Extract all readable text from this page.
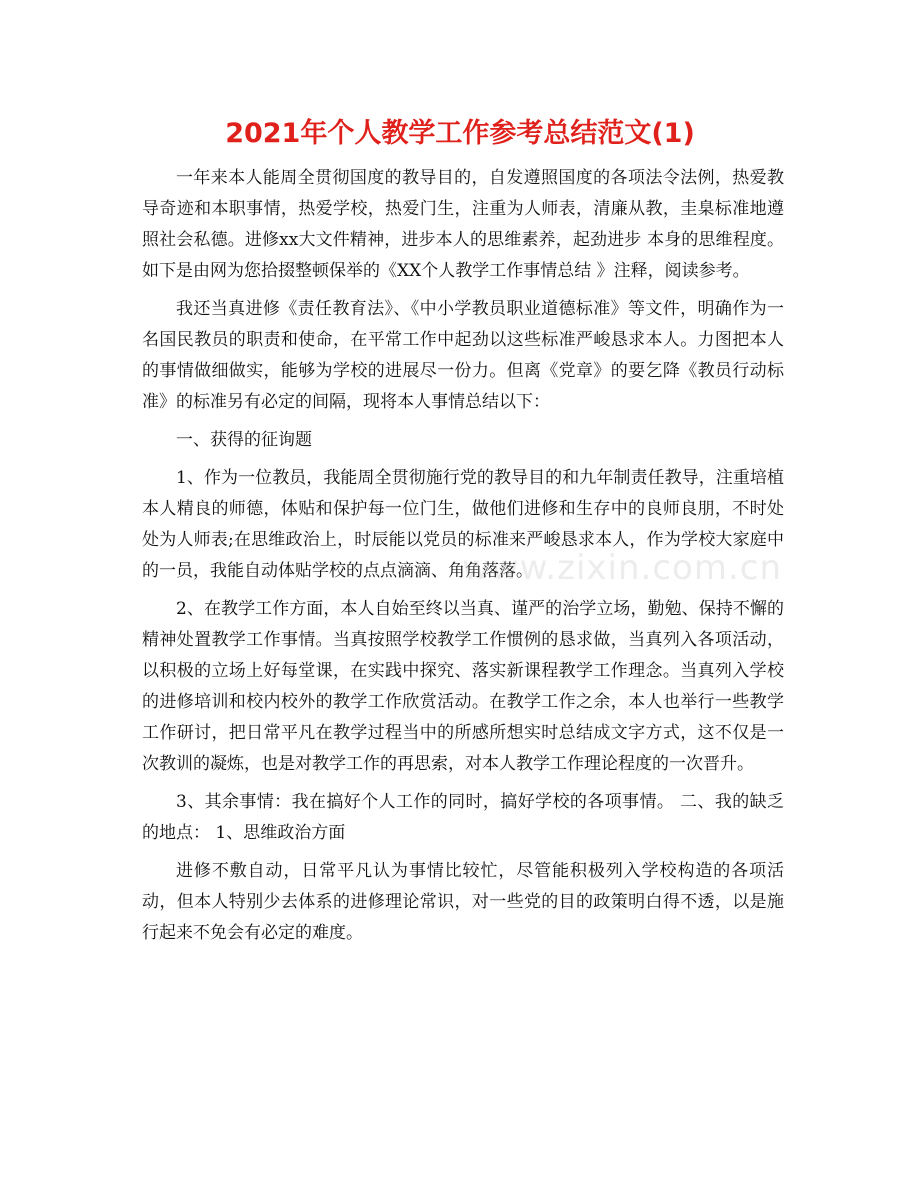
2021年个人教学工作参考总结范文(1)

一年来本人能周全贯彻国度的教导目的，自发遵照国度的各项法令法例，热爱教导奇迹和本职事情，热爱学校，热爱门生，注重为人师表，清廉从教，圭臬标准地遵照社会私德。进修xx大文件精神，进步本人的思维素养，起劲进步 本身的思维程度。如下是由网为您拾掇整顿保举的《XX个人教学工作事情总结 》注释，阅读参考。

我还当真进修《责任教育法》、《中小学教员职业道德标准》等文件，明确作为一名国民教员的职责和使命，在平常工作中起劲以这些标准严峻恳求本人。力图把本人的事情做细做实，能够为学校的进展尽一份力。但离《党章》的要乞降《教员行动标准》的标准另有必定的间隔，现将本人事情总结以下：

一、获得的征询题

1、作为一位教员，我能周全贯彻施行党的教导目的和九年制责任教导，注重培植本人精良的师德，体贴和保护每一位门生，做他们进修和生存中的良师良朋，不时处处为人师表;在思维政治上，时辰能以党员的标准来严峻恳求本人，作为学校大家庭中的一员，我能自动体贴学校的点点滴滴、角角落落。

2、在教学工作方面，本人自始至终以当真、谨严的治学立场，勤勉、保持不懈的精神处置教学工作事情。当真按照学校教学工作惯例的恳求做，当真列入各项活动，以积极的立场上好每堂课，在实践中探究、落实新课程教学工作理念。当真列入学校的进修培训和校内校外的教学工作欣赏活动。在教学工作之余，本人也举行一些教学工作研讨，把日常平凡在教学过程当中的所感所想实时总结成文字方式，这不仅是一次教训的凝炼，也是对教学工作的再思索，对本人教学工作理论程度的一次晋升。

3、其余事情：我在搞好个人工作的同时，搞好学校的各项事情。 二、我的缺乏的地点： 1、思维政治方面

进修不敷自动，日常平凡认为事情比较忙，尽管能积极列入学校构造的各项活动，但本人特别少去体系的进修理论常识，对一些党的目的政策明白得不透，以是施行起来不免会有必定的难度。

www.zixin.com.cn
